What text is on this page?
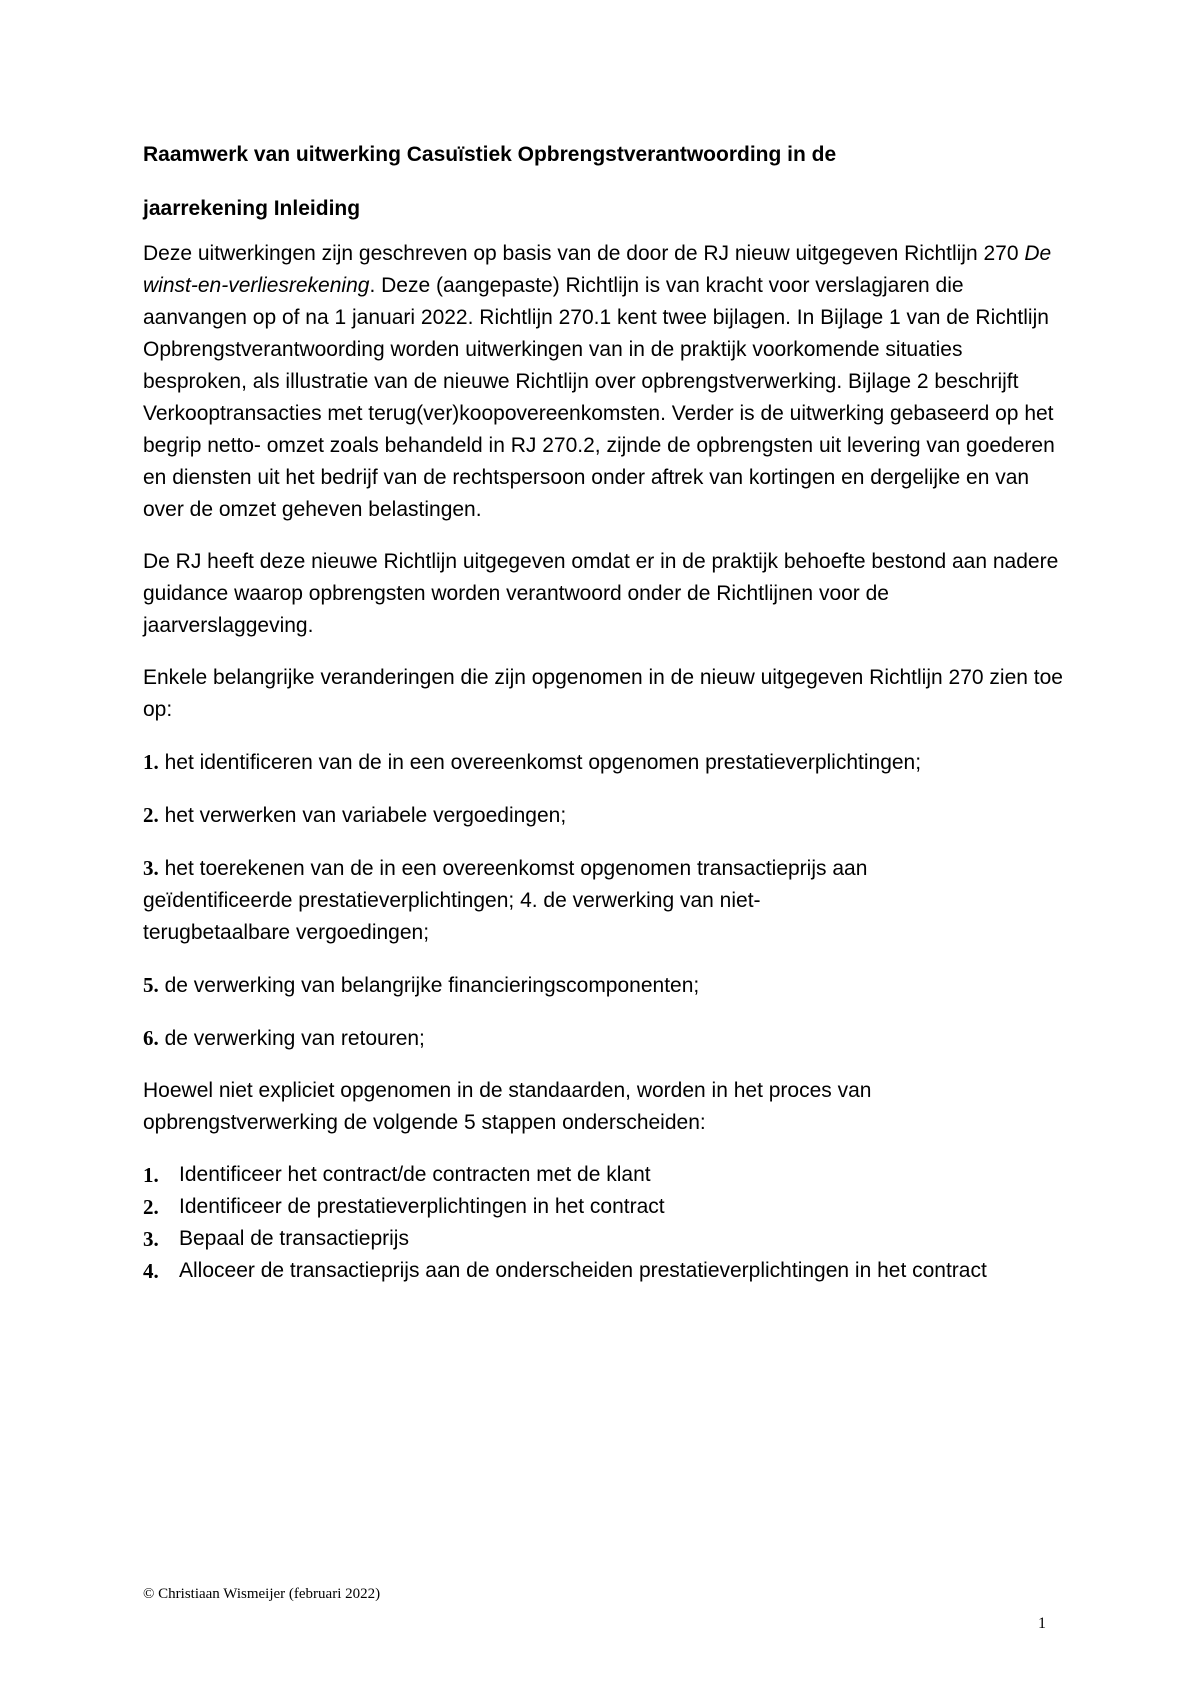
Raamwerk van uitwerking Casuïstiek Opbrengstverantwoording in de

jaarrekening Inleiding

Deze uitwerkingen zijn geschreven op basis van de door de RJ nieuw uitgegeven Richtlijn 270 De winst-en-verliesrekening. Deze (aangepaste) Richtlijn is van kracht voor verslagjaren die aanvangen op of na 1 januari 2022. Richtlijn 270.1 kent twee bijlagen. In Bijlage 1 van de Richtlijn Opbrengstverantwoording worden uitwerkingen van in de praktijk voorkomende situaties besproken, als illustratie van de nieuwe Richtlijn over opbrengstverwerking. Bijlage 2 beschrijft Verkooptransacties met terug(ver)koopovereenkomsten. Verder is de uitwerking gebaseerd op het begrip netto- omzet zoals behandeld in RJ 270.2, zijnde de opbrengsten uit levering van goederen en diensten uit het bedrijf van de rechtspersoon onder aftrek van kortingen en dergelijke en van over de omzet geheven belastingen.

De RJ heeft deze nieuwe Richtlijn uitgegeven omdat er in de praktijk behoefte bestond aan nadere guidance waarop opbrengsten worden verantwoord onder de Richtlijnen voor de jaarverslaggeving.

Enkele belangrijke veranderingen die zijn opgenomen in de nieuw uitgegeven Richtlijn 270 zien toe op:

1. het identificeren van de in een overeenkomst opgenomen prestatieverplichtingen;

2. het verwerken van variabele vergoedingen;

3. het toerekenen van de in een overeenkomst opgenomen transactieprijs aan geïdentificeerde prestatieverplichtingen; 4. de verwerking van niet-terugbetaalbare vergoedingen;

5. de verwerking van belangrijke financieringscomponenten;

6. de verwerking van retouren;

Hoewel niet expliciet opgenomen in de standaarden, worden in het proces van opbrengstverwerking de volgende 5 stappen onderscheiden:

1. Identificeer het contract/de contracten met de klant
2. Identificeer de prestatieverplichtingen in het contract
3. Bepaal de transactieprijs
4. Alloceer de transactieprijs aan de onderscheiden prestatieverplichtingen in het contract
© Christiaan Wismeijer (februari 2022)
1
